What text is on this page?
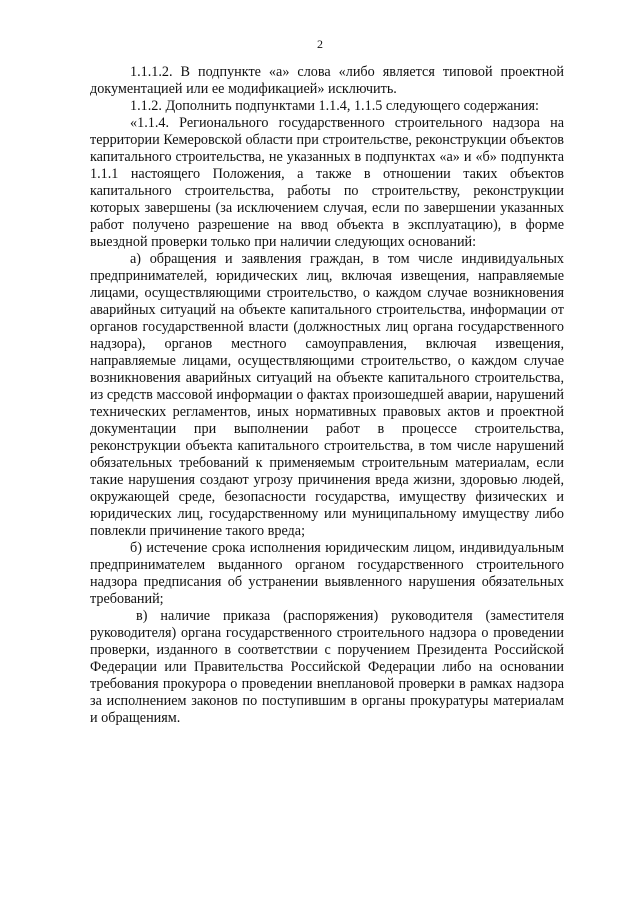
2

1.1.1.2. В подпункте «а» слова «либо является типовой проектной документацией или ее модификацией» исключить.

1.1.2. Дополнить подпунктами 1.1.4, 1.1.5 следующего содержания:

«1.1.4. Регионального государственного строительного надзора на территории Кемеровской области при строительстве, реконструкции объектов капитального строительства, не указанных в подпунктах «а» и «б» подпункта 1.1.1 настоящего Положения, а также в отношении таких объектов капитального строительства, работы по строительству, реконструкции которых завершены (за исключением случая, если по завершении указанных работ получено разрешение на ввод объекта в эксплуатацию), в форме выездной проверки только при наличии следующих оснований:

а) обращения и заявления граждан, в том числе индивидуальных предпринимателей, юридических лиц, включая извещения, направляемые лицами, осуществляющими строительство, о каждом случае возникновения аварийных ситуаций на объекте капитального строительства, информации от органов государственной власти (должностных лиц органа государственного надзора), органов местного самоуправления, включая извещения, направляемые лицами, осуществляющими строительство, о каждом случае возникновения аварийных ситуаций на объекте капитального строительства, из средств массовой информации о фактах произошедшей аварии, нарушений технических регламентов, иных нормативных правовых актов и проектной документации при выполнении работ в процессе строительства, реконструкции объекта капитального строительства, в том числе нарушений обязательных требований к применяемым строительным материалам, если такие нарушения создают угрозу причинения вреда жизни, здоровью людей, окружающей среде, безопасности государства, имуществу физических и юридических лиц, государственному или муниципальному имуществу либо повлекли причинение такого вреда;

б) истечение срока исполнения юридическим лицом, индивидуальным предпринимателем выданного органом государственного строительного надзора предписания об устранении выявленного нарушения обязательных требований;

в) наличие приказа (распоряжения) руководителя (заместителя руководителя) органа государственного строительного надзора о проведении проверки, изданного в соответствии с поручением Президента Российской Федерации или Правительства Российской Федерации либо на основании требования прокурора о проведении внеплановой проверки в рамках надзора за исполнением законов по поступившим в органы прокуратуры материалам и обращениям.
